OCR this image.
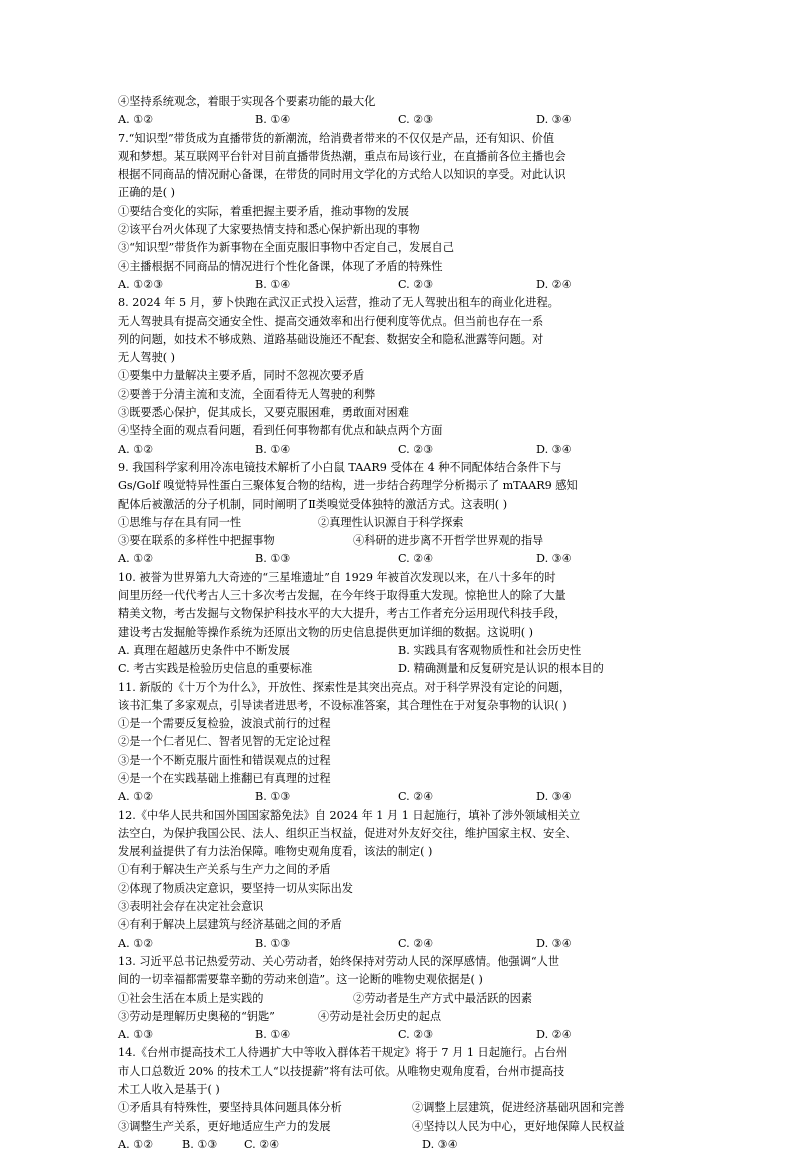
④坚持系统观念，着眼于实现各个要素功能的最大化
A. ①②	B. ①④	C. ②③	D. ③④
7.“知识型”带货成为直播带货的新潮流，给消费者带来的不仅仅是产品，还有知识、价值
观和梦想。某互联网平台针对目前直播带货热潮，重点布局该行业，在直播前各位主播也会
根据不同商品的情况耐心备课，在带货的同时用文学化的方式给人以知识的享受。对此认识
正确的是( )
①要结合变化的实际，着重把握主要矛盾，推动事物的发展
②该平台꺼火体现了大家要热情支持和悉心保护新出现的事物
③“知识型”带货作为新事物在全面克服旧事物中否定自己，发展自己
④主播根据不同商品的情况进行个性化备课，体现了矛盾的特殊性
A. ①②③	B. ①④	C. ②③	D. ②④
8. 2024 年 5 月，萝卜快跑在武汉正式投入运营，推动了无人驾驶出租车的商业化进程。
无人驾驶具有提高交通安全性、提高交通效率和出行便利度等优点。但当前也存在一系
列的问题，如技术不够成熟、道路基础设施还不配套、数据安全和隐私泄露等问题。对
无人驾驶( )
①要集中力量解决主要矛盾，同时不忽视次要矛盾
②要善于分清主流和支流，全面看待无人驾驶的利弊
③既要悉心保护，促其成长，又要克服困难，勇敢面对困难
④坚持全面的观点看问题，看到任何事物都有优点和缺点两个方面
A. ①②	B. ①④	C. ②③	D. ③④
9. 我国科学家利用冷冻电镜技术解析了小白鼠 TAAR9 受体在 4 种不同配体结合条件下与
Gs/Golf 嗅觉特异性蛋白三聚体复合物的结构，进一步结合药理学分析揭示了 mTAAR9 感知
配体后被激活的分子机制，同时阐明了Ⅱ类嗅觉受体独特的激活方式。这表明( )
①思维与存在具有同一性	②真理性认识源自于科学探索
③要在联系的多样性中把握事物	④科研的进步离不开哲学世界观的指导
A. ①②	B. ①③	C. ②④	D. ③④
10. 被誉为世界第九大奇迹的“三星堆遗址”自 1929 年被首次发现以来，在八十多年的时
间里历经一代代考古人三十多次考古发掘，在今年终于取得重大发现。惊艳世人的除了大量
精美文物，考古发掘与文物保护科技水平的大大提升，考古工作者充分运用现代科技手段，
建设考古发掘舱等操作系统为还原出文物的历史信息提供更加详细的数据。这说明( )
A. 真理在超越历史条件中不断发展	B. 实践具有客观物质性和社会历史性
C. 考古实践是检验历史信息的重要标准	D. 精确测量和反复研究是认识的根本目的
11. 新版的《十万个为什么》，开放性、探索性是其突出亮点。对于科学界没有定论的问题，
该书汇集了多家观点，引导读者进思考，不设标准答案，其合理性在于对复杂事物的认识( )
①是一个需要反复检验，波浪式前行的过程
②是一个仁者见仁、智者见智的无定论过程
③是一个不断克服片面性和错误观点的过程
④是一个在实践基础上推翻已有真理的过程
A. ①②	B. ①③	C. ②④	D. ③④
12.《中华人民共和国外国国家豁免法》自 2024 年 1 月 1 日起施行，填补了涉外领域相关立
法空白，为保护我国公民、法人、组织正当权益，促进对外友好交往，维护国家主权、安全、
发展利益提供了有力法治保障。唯物史观角度看，该法的制定( )
①有利于解决生产关系与生产力之间的矛盾
②体现了物质决定意识，要坚持一切从实际出发
③表明社会存在决定社会意识
④有利于解决上层建筑与经济基础之间的矛盾
A. ①②	B. ①③	C. ②④	D. ③④
13. 习近平总书记热爱劳动、关心劳动者，始终保持对劳动人民的深厚感情。他强调“人世
间的一切幸福都需要靠辛勤的劳动来创造”。这一论断的唯物史观依据是( )
①社会生活在本质上是实践的	②劳动者是生产方式中最活跃的因素
③劳动是理解历史奥秘的“钥匙”	④劳动是社会历史的起点
A. ①③	B. ①④	C. ②③	D. ②④
14.《台州市提高技术工人待遇扩大中等收入群体若干规定》将于 7 月 1 日起施行。占台州
市人口总数近 20% 的技术工人“以技提薪”将有法可依。从唯物史观角度看，台州市提高技
术工人收入是基于( )
①矛盾具有特殊性，要坚持具体问题具体分析	②调整上层建筑，促进经济基础巩固和完善
③调整生产关系，更好地适应生产力的发展	④坚持以人民为中心，更好地保障人民权益
A. ①②	B. ①③ C. ②④	D. ③④
